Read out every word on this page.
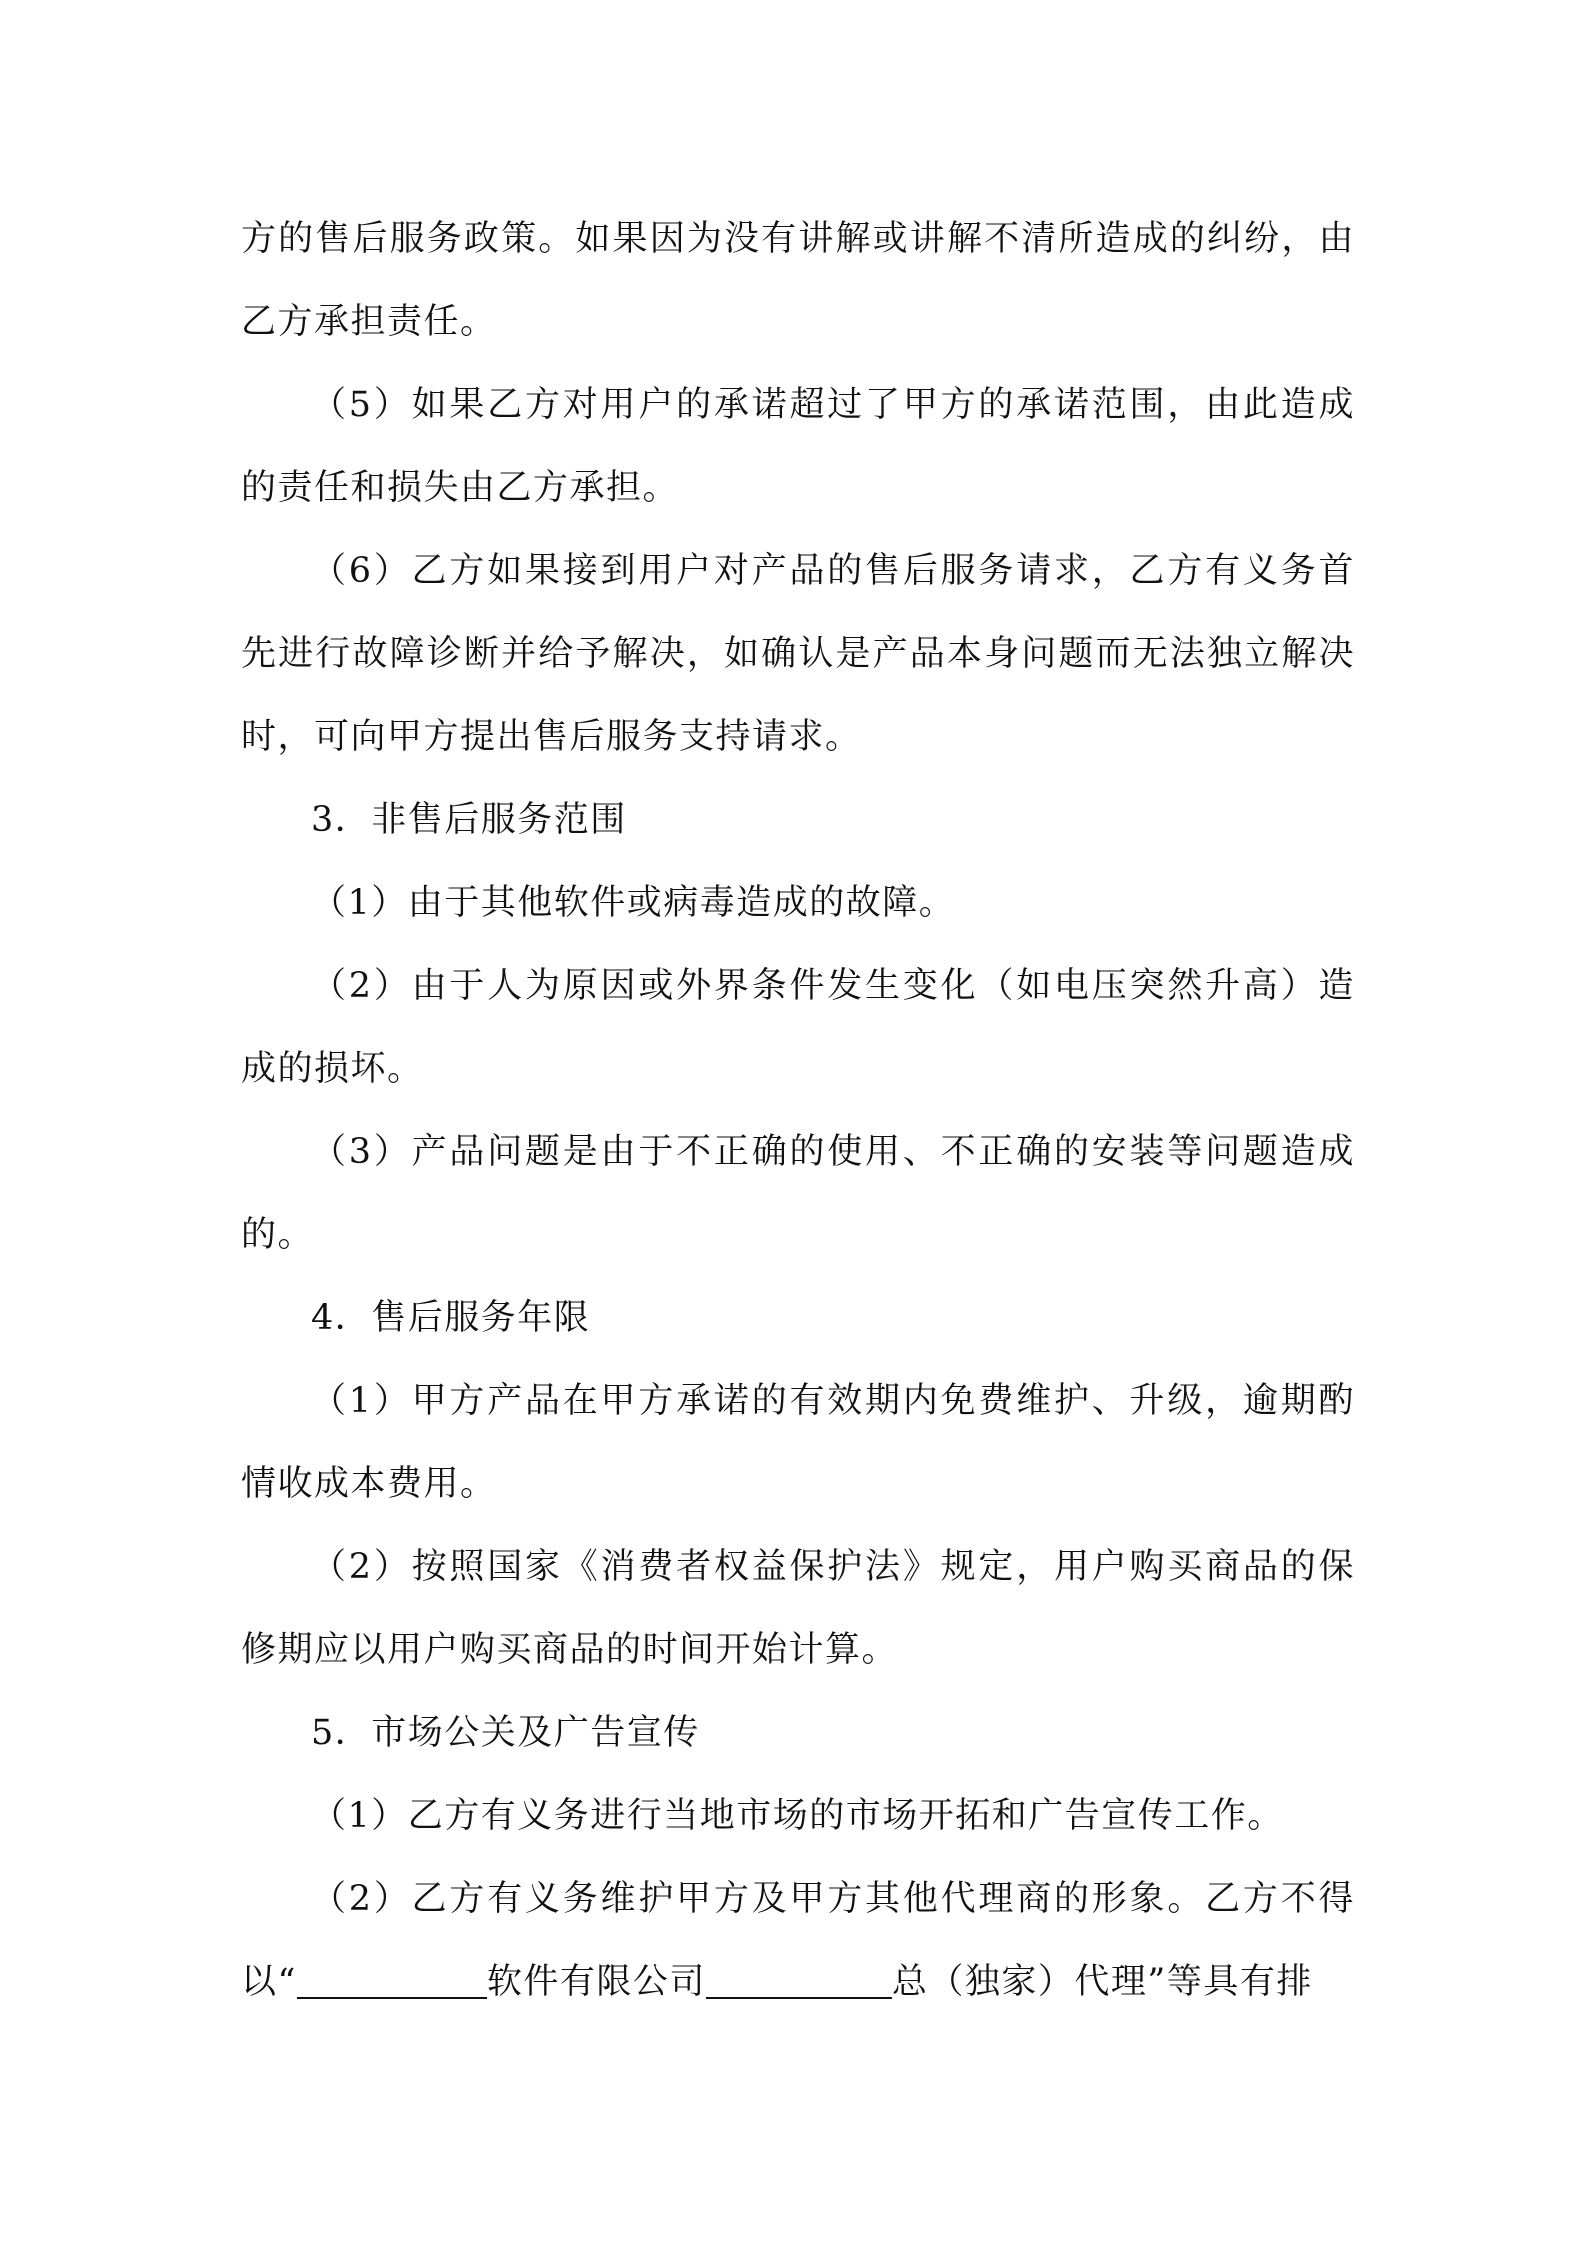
方的售后服务政策。如果因为没有讲解或讲解不清所造成的纠纷，由乙方承担责任。

（5）如果乙方对用户的承诺超过了甲方的承诺范围，由此造成的责任和损失由乙方承担。

（6）乙方如果接到用户对产品的售后服务请求，乙方有义务首先进行故障诊断并给予解决，如确认是产品本身问题而无法独立解决时，可向甲方提出售后服务支持请求。

3．非售后服务范围

（1）由于其他软件或病毒造成的故障。

（2）由于人为原因或外界条件发生变化（如电压突然升高）造成的损坏。

（3）产品问题是由于不正确的使用、不正确的安装等问题造成的。

4．售后服务年限

（1）甲方产品在甲方承诺的有效期内免费维护、升级，逾期酌情收成本费用。

（2）按照国家《消费者权益保护法》规定，用户购买商品的保修期应以用户购买商品的时间开始计算。

5．市场公关及广告宣传

（1）乙方有义务进行当地市场的市场开拓和广告宣传工作。

（2）乙方有义务维护甲方及甲方其他代理商的形象。乙方不得以“	软件有限公司	总（独家）代理”等具有排
